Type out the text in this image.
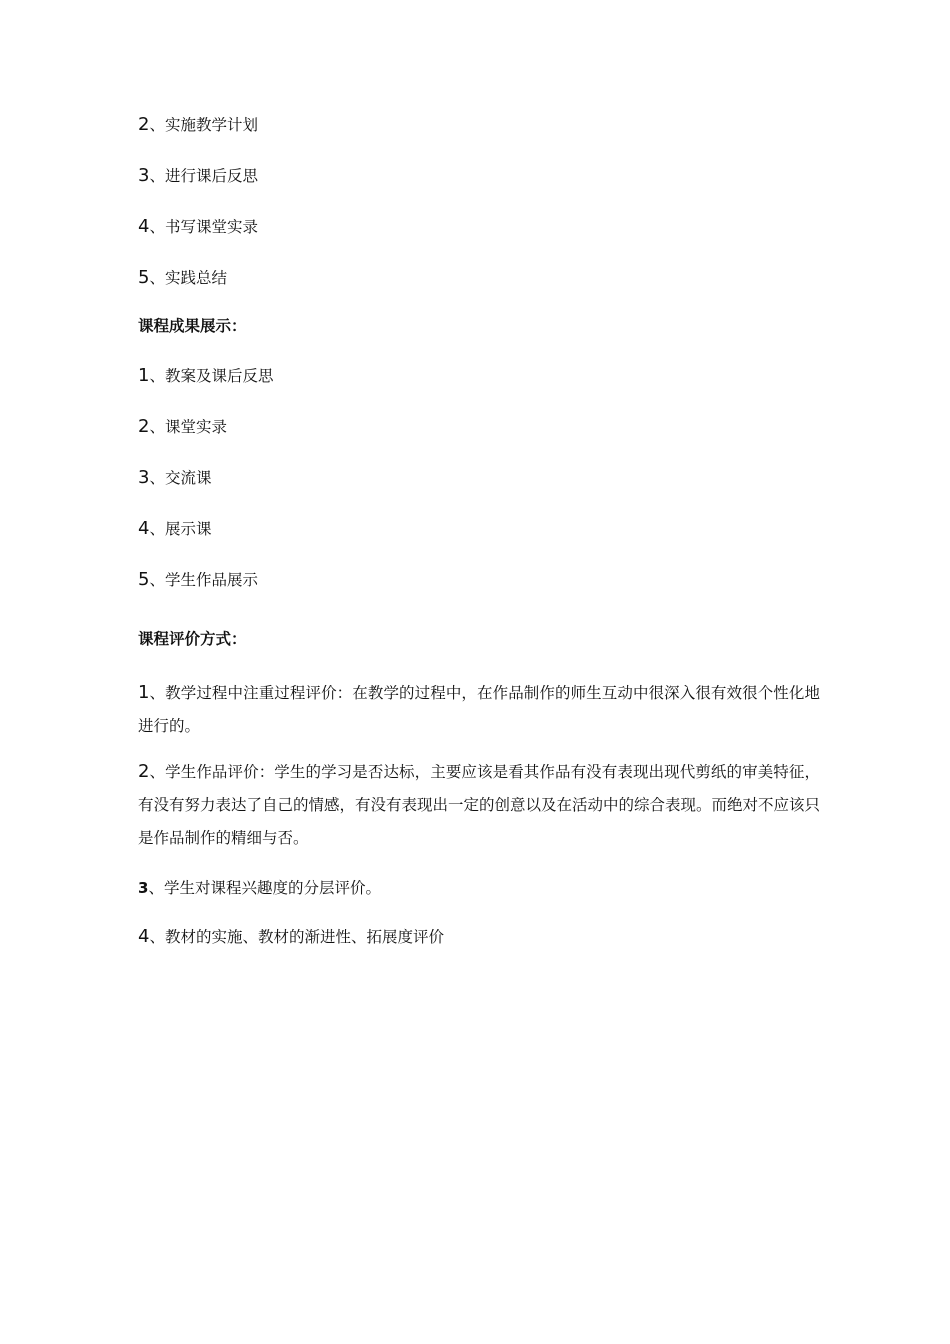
2、实施教学计划
3、进行课后反思
4、书写课堂实录
5、实践总结
课程成果展示：
1、教案及课后反思
2、课堂实录
3、交流课
4、展示课
5、学生作品展示
课程评价方式：
1、教学过程中注重过程评价：在教学的过程中，在作品制作的师生互动中很深入很有效很个性化地进行的。
2、学生作品评价：学生的学习是否达标，主要应该是看其作品有没有表现出现代剪纸的审美特征，有没有努力表达了自己的情感，有没有表现出一定的创意以及在活动中的综合表现。而绝对不应该只是作品制作的精细与否。
3、学生对课程兴趣度的分层评价。
4、教材的实施、教材的渐进性、拓展度评价
